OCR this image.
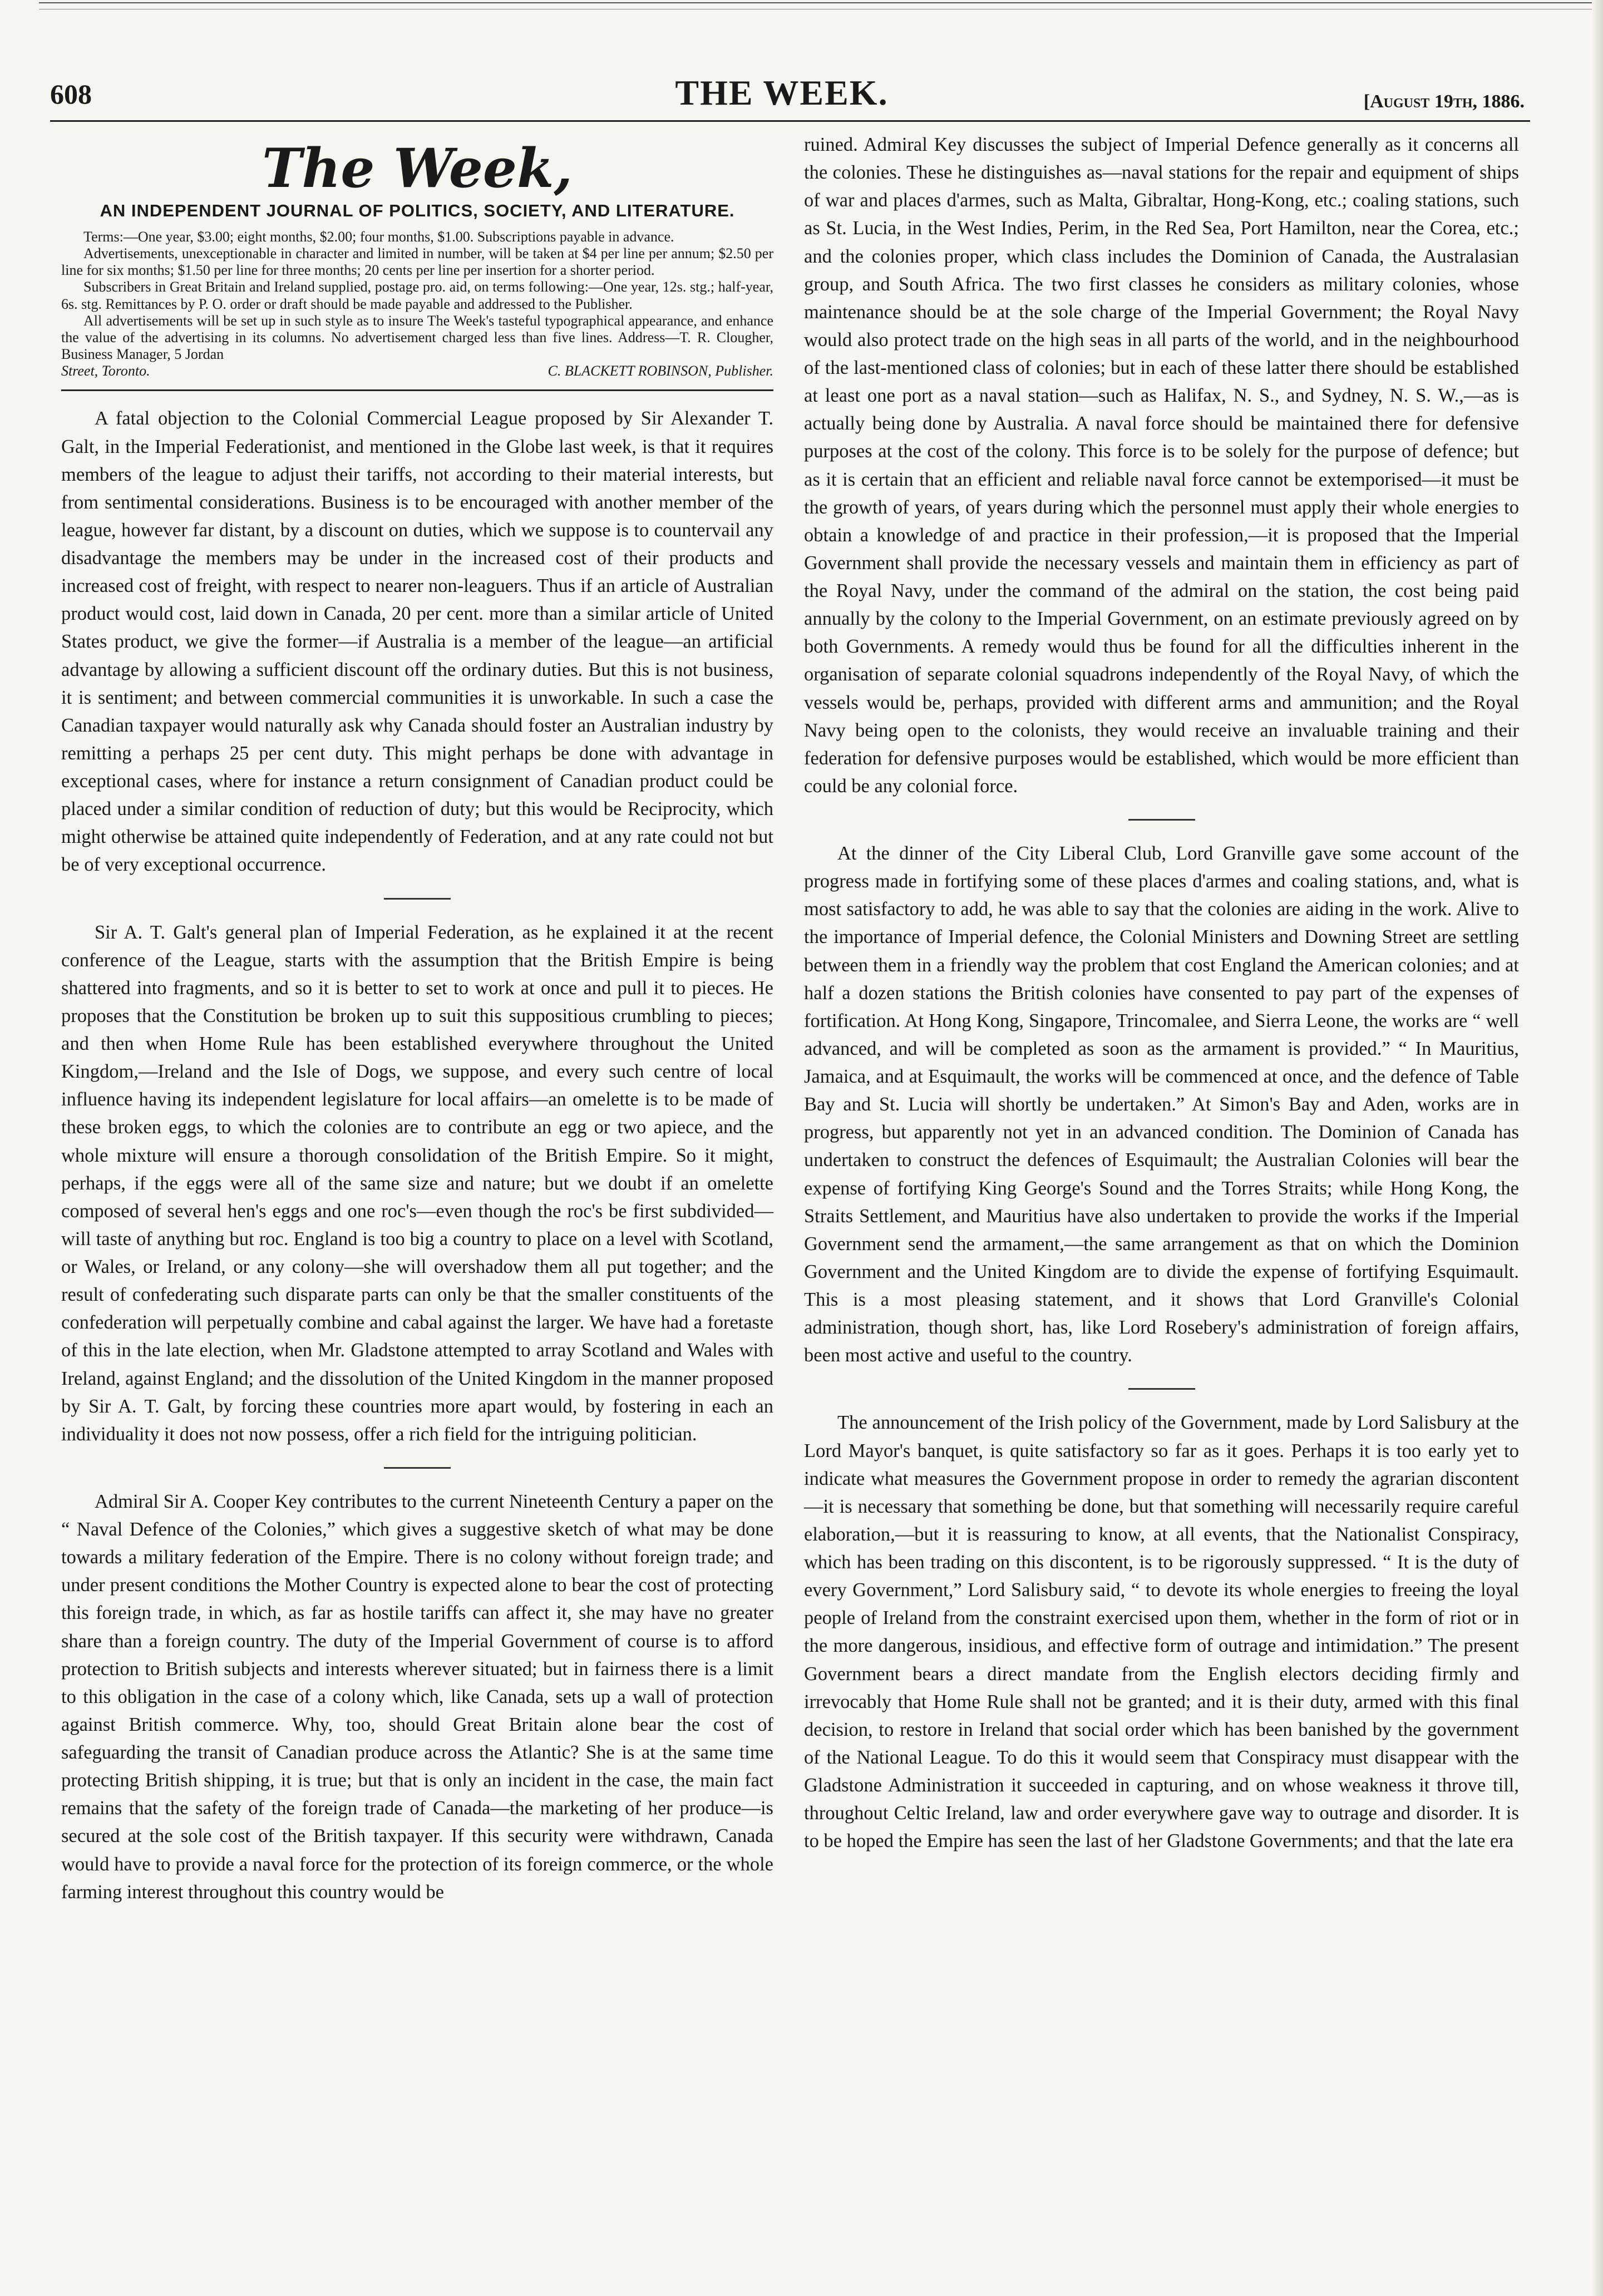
608	THE WEEK.	[August 19th, 1886.
The Week,
AN INDEPENDENT JOURNAL OF POLITICS, SOCIETY, AND LITERATURE.

Terms:—One year, $3.00; eight months, $2.00; four months, $1.00. Subscriptions payable in advance.

Advertisements, unexceptionable in character and limited in number, will be taken at $4 per line per annum; $2.50 per line for six months; $1.50 per line for three months; 20 cents per line per insertion for a shorter period.

Subscribers in Great Britain and Ireland supplied, postage pro. aid, on terms following:—One year, 12s. stg.; half-year, 6s. stg. Remittances by P. O. order or draft should be made payable and addressed to the Publisher.

All advertisements will be set up in such style as to insure The Week's tasteful typographical appearance, and enhance the value of the advertising in its columns. No advertisement charged less than five lines. Address—T. R. Clougher, Business Manager, 5 Jordan

Street, Toronto.	C. BLACKETT ROBINSON, Publisher.

A fatal objection to the Colonial Commercial League proposed by Sir Alexander T. Galt, in the Imperial Federationist, and mentioned in the Globe last week, is that it requires members of the league to adjust their tariffs, not according to their material interests, but from sentimental considerations. Business is to be encouraged with another member of the league, however far distant, by a discount on duties, which we suppose is to countervail any disadvantage the members may be under in the increased cost of their products and increased cost of freight, with respect to nearer non-leaguers. Thus if an article of Australian product would cost, laid down in Canada, 20 per cent. more than a similar article of United States product, we give the former—if Australia is a member of the league—an artificial advantage by allowing a sufficient discount off the ordinary duties. But this is not business, it is sentiment; and between commercial communities it is unworkable. In such a case the Canadian taxpayer would naturally ask why Canada should foster an Australian industry by remitting a perhaps 25 per cent duty. This might perhaps be done with advantage in exceptional cases, where for instance a return consignment of Canadian product could be placed under a similar condition of reduction of duty; but this would be Reciprocity, which might otherwise be attained quite independently of Federation, and at any rate could not but be of very exceptional occurrence.

Sir A. T. Galt's general plan of Imperial Federation, as he explained it at the recent conference of the League, starts with the assumption that the British Empire is being shattered into fragments, and so it is better to set to work at once and pull it to pieces. He proposes that the Constitution be broken up to suit this suppositious crumbling to pieces; and then when Home Rule has been established everywhere throughout the United Kingdom,—Ireland and the Isle of Dogs, we suppose, and every such centre of local influence having its independent legislature for local affairs—an omelette is to be made of these broken eggs, to which the colonies are to contribute an egg or two apiece, and the whole mixture will ensure a thorough consolidation of the British Empire. So it might, perhaps, if the eggs were all of the same size and nature; but we doubt if an omelette composed of several hen's eggs and one roc's—even though the roc's be first subdivided—will taste of anything but roc. England is too big a country to place on a level with Scotland, or Wales, or Ireland, or any colony—she will overshadow them all put together; and the result of confederating such disparate parts can only be that the smaller constituents of the confederation will perpetually combine and cabal against the larger. We have had a foretaste of this in the late election, when Mr. Gladstone attempted to array Scotland and Wales with Ireland, against England; and the dissolution of the United Kingdom in the manner proposed by Sir A. T. Galt, by forcing these countries more apart would, by fostering in each an individuality it does not now possess, offer a rich field for the intriguing politician.

Admiral Sir A. Cooper Key contributes to the current Nineteenth Century a paper on the “ Naval Defence of the Colonies,” which gives a suggestive sketch of what may be done towards a military federation of the Empire. There is no colony without foreign trade; and under present conditions the Mother Country is expected alone to bear the cost of protecting this foreign trade, in which, as far as hostile tariffs can affect it, she may have no greater share than a foreign country. The duty of the Imperial Government of course is to afford protection to British subjects and interests wherever situated; but in fairness there is a limit to this obligation in the case of a colony which, like Canada, sets up a wall of protection against British commerce. Why, too, should Great Britain alone bear the cost of safeguarding the transit of Canadian produce across the Atlantic? She is at the same time protecting British shipping, it is true; but that is only an incident in the case, the main fact remains that the safety of the foreign trade of Canada—the marketing of her produce—is secured at the sole cost of the British taxpayer. If this security were withdrawn, Canada would have to provide a naval force for the protection of its foreign commerce, or the whole farming interest throughout this country would be

ruined. Admiral Key discusses the subject of Imperial Defence generally as it concerns all the colonies. These he distinguishes as—naval stations for the repair and equipment of ships of war and places d'armes, such as Malta, Gibraltar, Hong-Kong, etc.; coaling stations, such as St. Lucia, in the West Indies, Perim, in the Red Sea, Port Hamilton, near the Corea, etc.; and the colonies proper, which class includes the Dominion of Canada, the Australasian group, and South Africa. The two first classes he considers as military colonies, whose maintenance should be at the sole charge of the Imperial Government; the Royal Navy would also protect trade on the high seas in all parts of the world, and in the neighbourhood of the last-mentioned class of colonies; but in each of these latter there should be established at least one port as a naval station—such as Halifax, N. S., and Sydney, N. S. W.,—as is actually being done by Australia. A naval force should be maintained there for defensive purposes at the cost of the colony. This force is to be solely for the purpose of defence; but as it is certain that an efficient and reliable naval force cannot be extemporised—it must be the growth of years, of years during which the personnel must apply their whole energies to obtain a knowledge of and practice in their profession,—it is proposed that the Imperial Government shall provide the necessary vessels and maintain them in efficiency as part of the Royal Navy, under the command of the admiral on the station, the cost being paid annually by the colony to the Imperial Government, on an estimate previously agreed on by both Governments. A remedy would thus be found for all the difficulties inherent in the organisation of separate colonial squadrons independently of the Royal Navy, of which the vessels would be, perhaps, provided with different arms and ammunition; and the Royal Navy being open to the colonists, they would receive an invaluable training and their federation for defensive purposes would be established, which would be more efficient than could be any colonial force.

At the dinner of the City Liberal Club, Lord Granville gave some account of the progress made in fortifying some of these places d'armes and coaling stations, and, what is most satisfactory to add, he was able to say that the colonies are aiding in the work. Alive to the importance of Imperial defence, the Colonial Ministers and Downing Street are settling between them in a friendly way the problem that cost England the American colonies; and at half a dozen stations the British colonies have consented to pay part of the expenses of fortification. At Hong Kong, Singapore, Trincomalee, and Sierra Leone, the works are “ well advanced, and will be completed as soon as the armament is provided.” “ In Mauritius, Jamaica, and at Esquimault, the works will be commenced at once, and the defence of Table Bay and St. Lucia will shortly be undertaken.” At Simon's Bay and Aden, works are in progress, but apparently not yet in an advanced condition. The Dominion of Canada has undertaken to construct the defences of Esquimault; the Australian Colonies will bear the expense of fortifying King George's Sound and the Torres Straits; while Hong Kong, the Straits Settlement, and Mauritius have also undertaken to provide the works if the Imperial Government send the armament,—the same arrangement as that on which the Dominion Government and the United Kingdom are to divide the expense of fortifying Esquimault. This is a most pleasing statement, and it shows that Lord Granville's Colonial administration, though short, has, like Lord Rosebery's administration of foreign affairs, been most active and useful to the country.

The announcement of the Irish policy of the Government, made by Lord Salisbury at the Lord Mayor's banquet, is quite satisfactory so far as it goes. Perhaps it is too early yet to indicate what measures the Government propose in order to remedy the agrarian discontent—it is necessary that something be done, but that something will necessarily require careful elaboration,—but it is reassuring to know, at all events, that the Nationalist Conspiracy, which has been trading on this discontent, is to be rigorously suppressed. “ It is the duty of every Government,” Lord Salisbury said, “ to devote its whole energies to freeing the loyal people of Ireland from the constraint exercised upon them, whether in the form of riot or in the more dangerous, insidious, and effective form of outrage and intimidation.” The present Government bears a direct mandate from the English electors deciding firmly and irrevocably that Home Rule shall not be granted; and it is their duty, armed with this final decision, to restore in Ireland that social order which has been banished by the government of the National League. To do this it would seem that Conspiracy must disappear with the Gladstone Administration it succeeded in capturing, and on whose weakness it throve till, throughout Celtic Ireland, law and order everywhere gave way to outrage and disorder. It is to be hoped the Empire has seen the last of her Gladstone Governments; and that the late era
